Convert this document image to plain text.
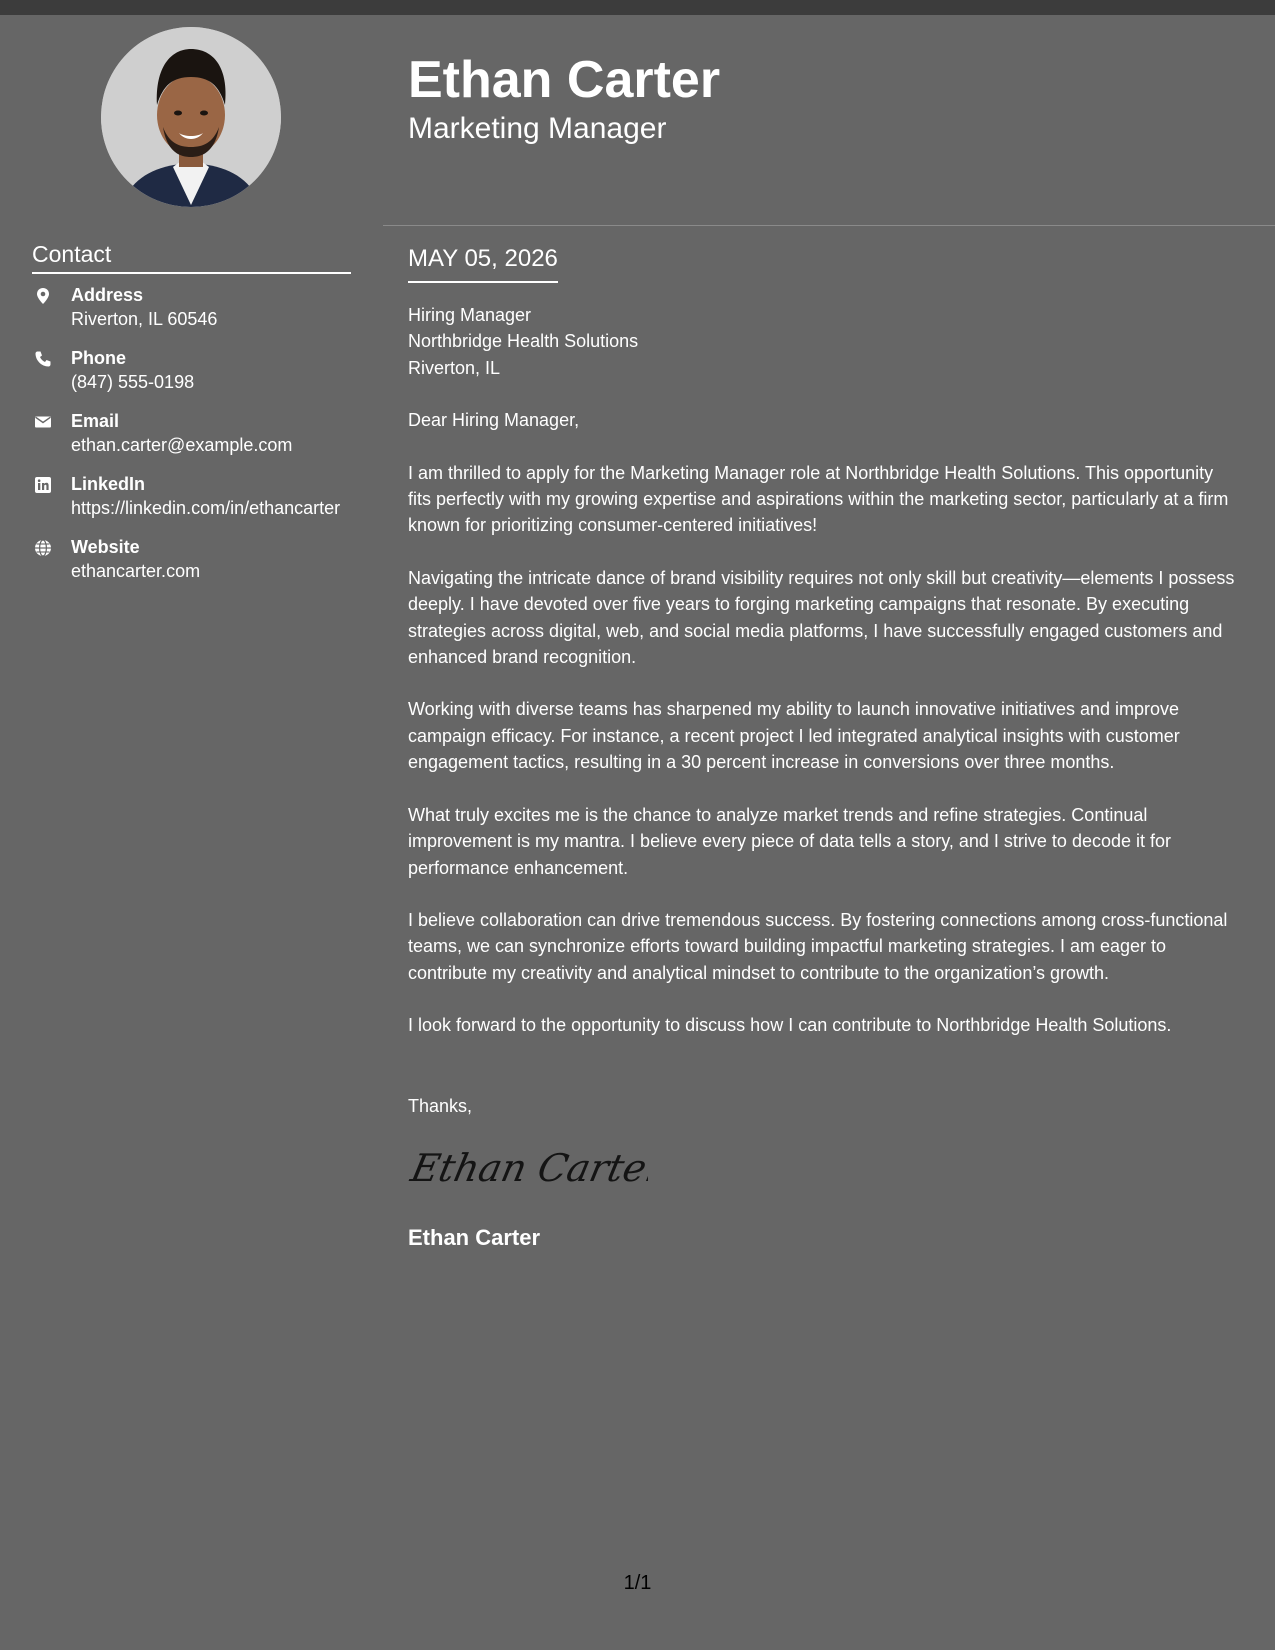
Contact
Address
Riverton, IL 60546
Phone
(847) 555-0198
Email
ethan.carter@example.com
LinkedIn
https://linkedin.com/in/ethancarter
Website
ethancarter.com
Ethan Carter
Marketing Manager
MAY 05, 2026

Hiring Manager
Northbridge Health Solutions
Riverton, IL

Dear Hiring Manager,

I am thrilled to apply for the Marketing Manager role at Northbridge Health Solutions. This opportunity fits perfectly with my growing expertise and aspirations within the marketing sector, particularly at a firm known for prioritizing consumer-centered initiatives!

Navigating the intricate dance of brand visibility requires not only skill but creativity—elements I possess deeply. I have devoted over five years to forging marketing campaigns that resonate. By executing strategies across digital, web, and social media platforms, I have successfully engaged customers and enhanced brand recognition.

Working with diverse teams has sharpened my ability to launch innovative initiatives and improve campaign efficacy. For instance, a recent project I led integrated analytical insights with customer engagement tactics, resulting in a 30 percent increase in conversions over three months.

What truly excites me is the chance to analyze market trends and refine strategies. Continual improvement is my mantra. I believe every piece of data tells a story, and I strive to decode it for performance enhancement.

I believe collaboration can drive tremendous success. By fostering connections among cross-functional teams, we can synchronize efforts toward building impactful marketing strategies. I am eager to contribute my creativity and analytical mindset to contribute to the organization’s growth.

I look forward to the opportunity to discuss how I can contribute to Northbridge Health Solutions.

Thanks,

Ethan Carter
Ethan Carter
1/1
